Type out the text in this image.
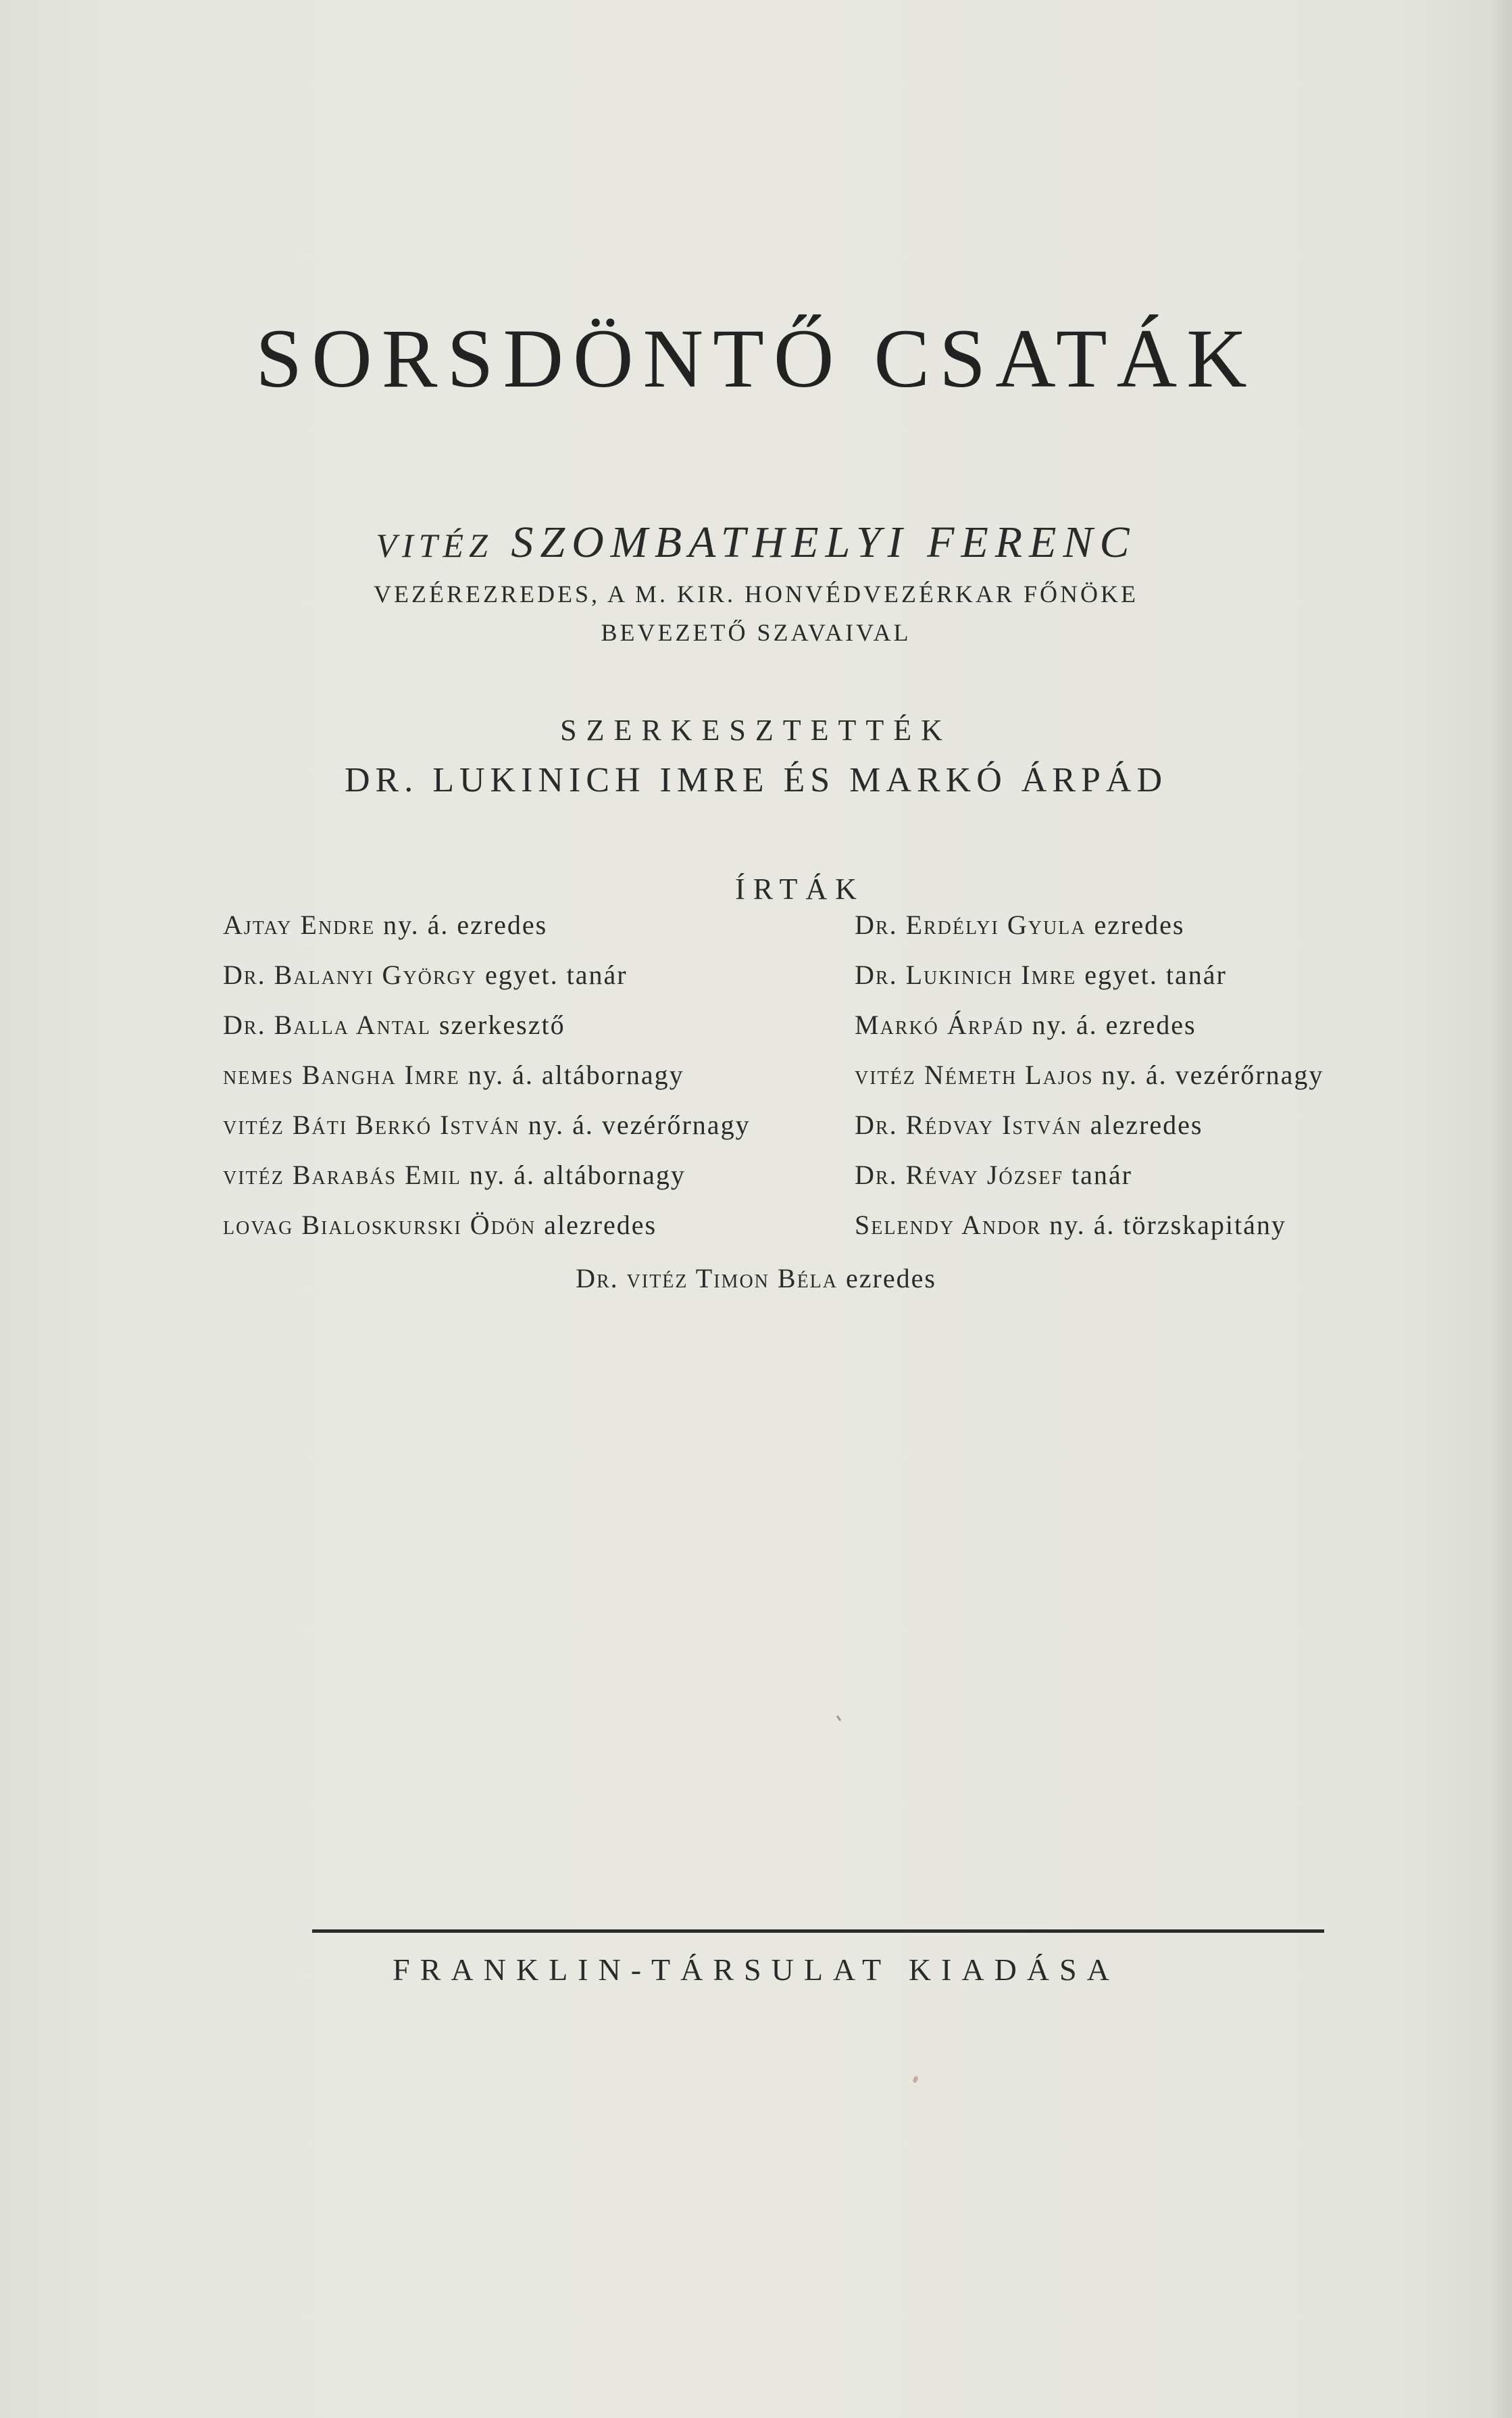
SORSDÖNTŐ CSATÁK
VITÉZ SZOMBATHELYI FERENC
VEZÉREZREDES, A M. KIR. HONVÉDVEZÉRKAR FŐNÖKE
BEVEZETŐ SZAVAIVAL
SZERKESZTETTÉK
DR. LUKINICH IMRE ÉS MARKÓ ÁRPÁD
ÍRTÁK
Ajtay Endre ny. á. ezredes
Dr. Balanyi György egyet. tanár
Dr. Balla Antal szerkesztő
nemes Bangha Imre ny. á. altábornagy
vitéz Báti Berkó István ny. á. vezérőrnagy
vitéz Barabás Emil ny. á. altábornagy
lovag Bialoskurski Ödön alezredes
Dr. Erdélyi Gyula ezredes
Dr. Lukinich Imre egyet. tanár
Markó Árpád ny. á. ezredes
vitéz Németh Lajos ny. á. vezérőrnagy
Dr. Rédvay István alezredes
Dr. Révay József tanár
Selendy Andor ny. á. törzskapitány
Dr. vitéz Timon Béla ezredes
FRANKLIN-TÁRSULAT KIADÁSA
